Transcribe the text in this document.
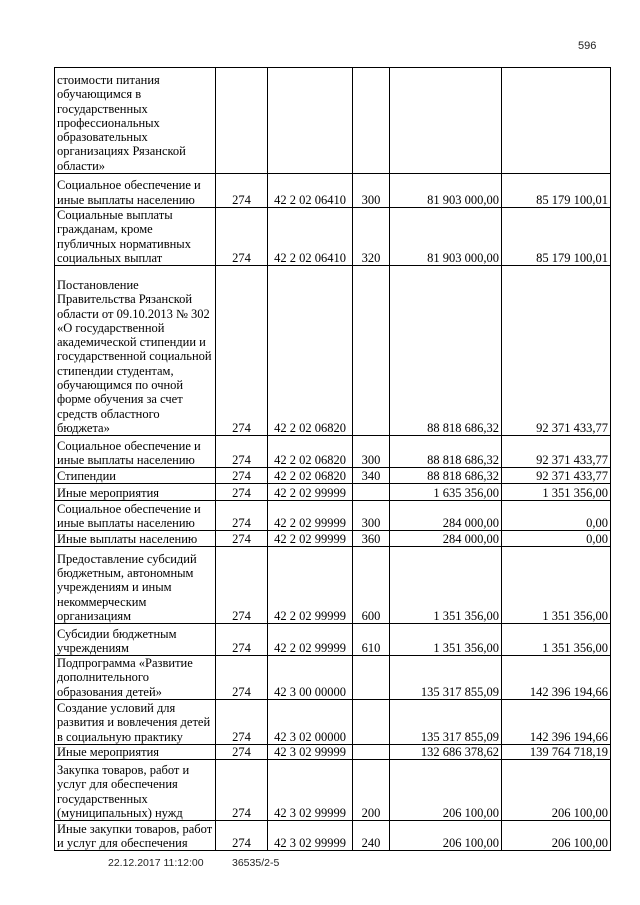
596
стоимости питания обучающимся в государственных профессиональных образовательных организациях Рязанской области»					
Социальное обеспечение и иные выплаты населению	274	42 2 02 06410	300	81 903 000,00	85 179 100,01
Социальные выплаты гражданам, кроме публичных нормативных социальных выплат	274	42 2 02 06410	320	81 903 000,00	85 179 100,01
Постановление Правительства Рязанской области от 09.10.2013 № 302 «О государственной академической стипендии и государственной социальной стипендии студентам, обучающимся по очной форме обучения за счет средств областного бюджета»	274	42 2 02 06820		88 818 686,32	92 371 433,77
Социальное обеспечение и иные выплаты населению	274	42 2 02 06820	300	88 818 686,32	92 371 433,77
Стипендии	274	42 2 02 06820	340	88 818 686,32	92 371 433,77
Иные мероприятия	274	42 2 02 99999		1 635 356,00	1 351 356,00
Социальное обеспечение и иные выплаты населению	274	42 2 02 99999	300	284 000,00	0,00
Иные выплаты населению	274	42 2 02 99999	360	284 000,00	0,00
Предоставление субсидий бюджетным, автономным учреждениям и иным некоммерческим организациям	274	42 2 02 99999	600	1 351 356,00	1 351 356,00
Субсидии бюджетным учреждениям	274	42 2 02 99999	610	1 351 356,00	1 351 356,00
Подпрограмма «Развитие дополнительного образования детей»	274	42 3 00 00000		135 317 855,09	142 396 194,66
Создание условий для развития и вовлечения детей в социальную практику	274	42 3 02 00000		135 317 855,09	142 396 194,66
Иные мероприятия	274	42 3 02 99999		132 686 378,62	139 764 718,19
Закупка товаров, работ и услуг для обеспечения государственных (муниципальных) нужд	274	42 3 02 99999	200	206 100,00	206 100,00
Иные закупки товаров, работ и услуг для обеспечения	274	42 3 02 99999	240	206 100,00	206 100,00
22.12.2017 11:12:00	36535/2-5
